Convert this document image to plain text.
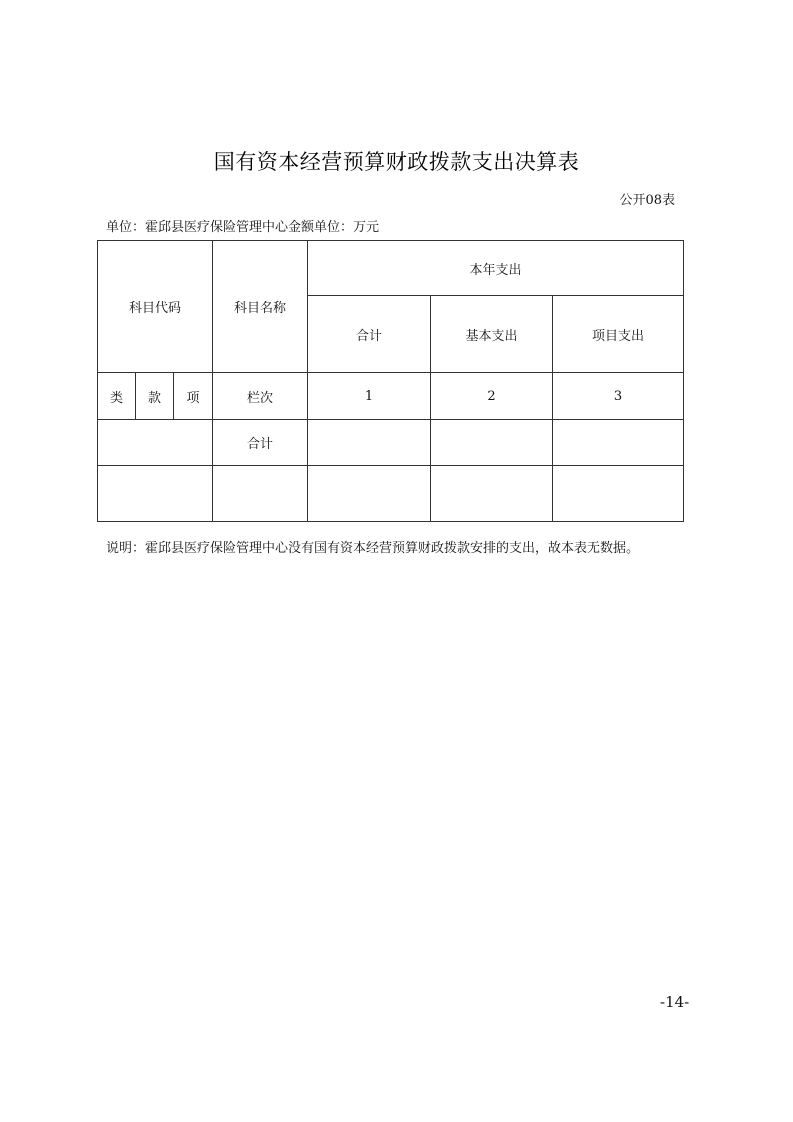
国有资本经营预算财政拨款支出决算表
公开08表
单位：霍邱县医疗保险管理中心金额单位：万元
科目代码			科目名称	本年支出		
				合计	基本支出	项目支出
类	款	项	栏次	1	2	3
			合计			

说明：霍邱县医疗保险管理中心没有国有资本经营预算财政拨款安排的支出，故本表无数据。
-14-
